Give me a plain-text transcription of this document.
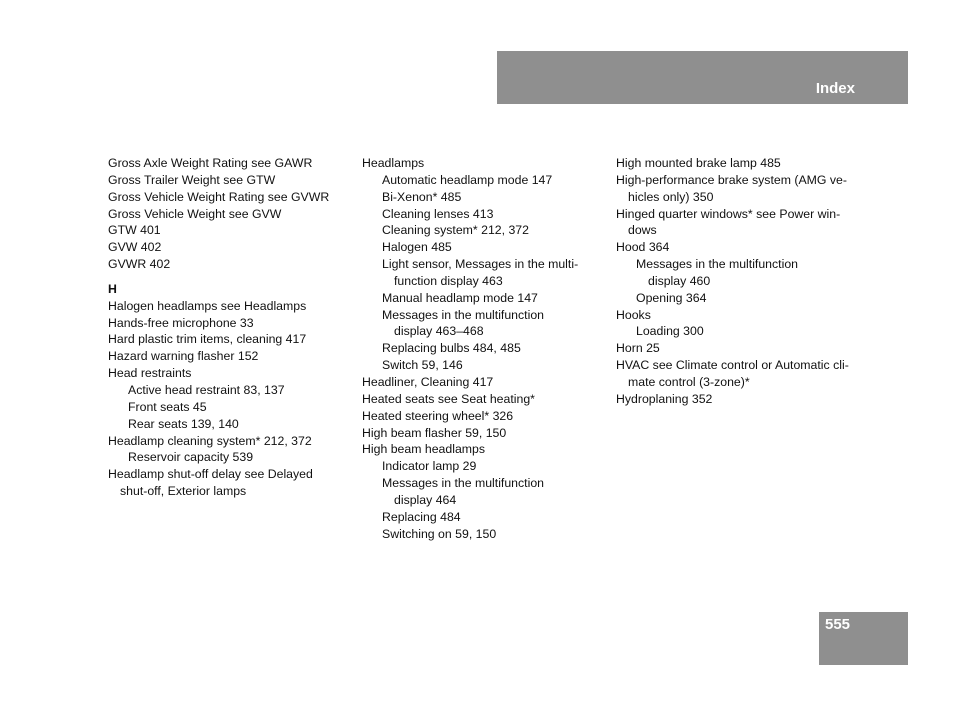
Index
Gross Axle Weight Rating see GAWR
Gross Trailer Weight see GTW
Gross Vehicle Weight Rating see GVWR
Gross Vehicle Weight see GVW
GTW 401
GVW 402
GVWR 402
H
Halogen headlamps see Headlamps
Hands-free microphone 33
Hard plastic trim items, cleaning 417
Hazard warning flasher 152
Head restraints
Active head restraint 83, 137
Front seats 45
Rear seats 139, 140
Headlamp cleaning system* 212, 372
Reservoir capacity 539
Headlamp shut-off delay see Delayed
shut-off, Exterior lamps
Headlamps
Automatic headlamp mode 147
Bi-Xenon* 485
Cleaning lenses 413
Cleaning system* 212, 372
Halogen 485
Light sensor, Messages in the multi-
function display 463
Manual headlamp mode 147
Messages in the multifunction
display 463–468
Replacing bulbs 484, 485
Switch 59, 146
Headliner, Cleaning 417
Heated seats see Seat heating*
Heated steering wheel* 326
High beam flasher 59, 150
High beam headlamps
Indicator lamp 29
Messages in the multifunction
display 464
Replacing 484
Switching on 59, 150
High mounted brake lamp 485
High-performance brake system (AMG ve-
hicles only) 350
Hinged quarter windows* see Power win-
dows
Hood 364
Messages in the multifunction
display 460
Opening 364
Hooks
Loading 300
Horn 25
HVAC see Climate control or Automatic cli-
mate control (3-zone)*
Hydroplaning 352
555
